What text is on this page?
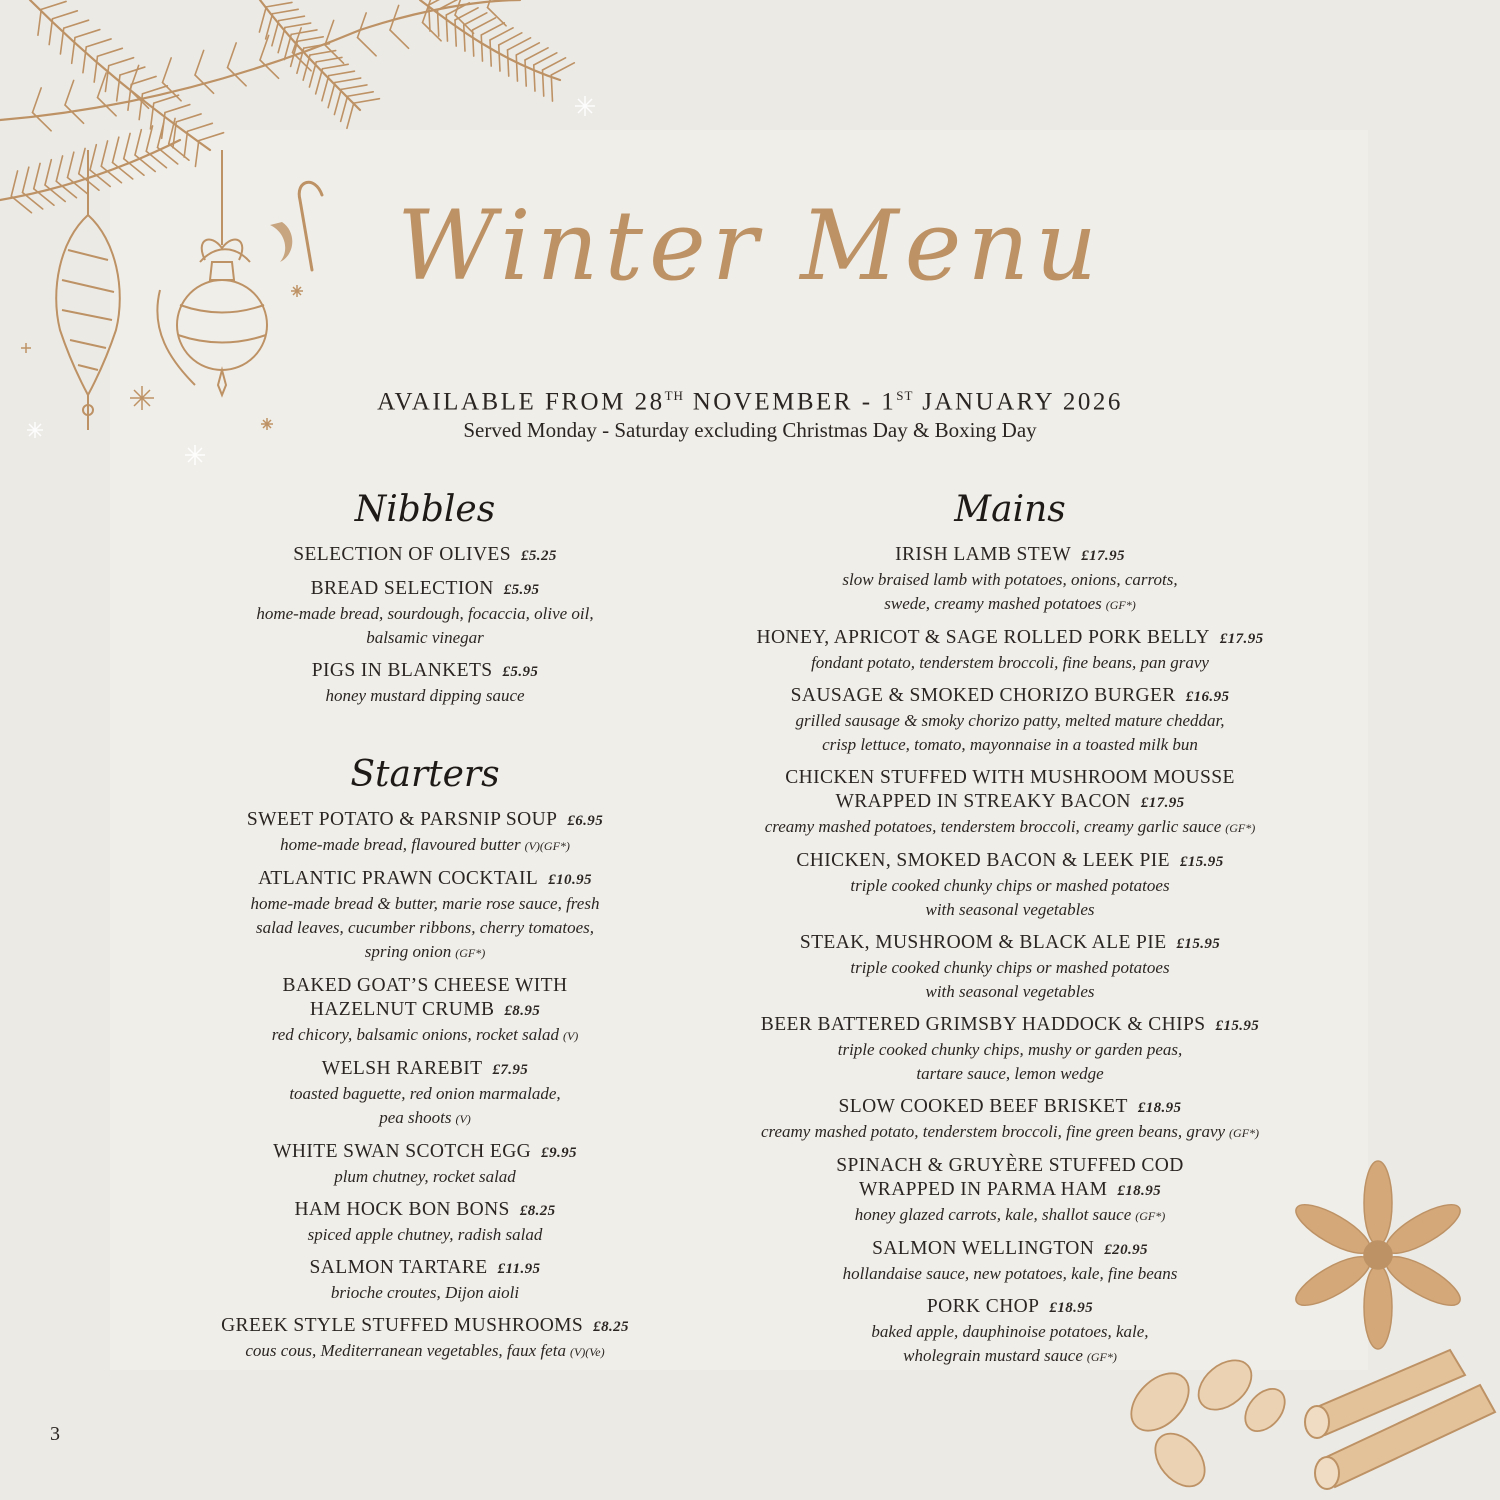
Winter Menu
AVAILABLE FROM 28TH NOVEMBER - 1ST JANUARY 2026
Served Monday - Saturday excluding Christmas Day & Boxing Day
Nibbles
SELECTION OF OLIVES £5.25
BREAD SELECTION £5.95
home-made bread, sourdough, focaccia, olive oil,
balsamic vinegar
PIGS IN BLANKETS £5.95
honey mustard dipping sauce
Starters
SWEET POTATO & PARSNIP SOUP £6.95
home-made bread, flavoured butter (V)(GF*)
ATLANTIC PRAWN COCKTAIL £10.95
home-made bread & butter, marie rose sauce, fresh
salad leaves, cucumber ribbons, cherry tomatoes,
spring onion (GF*)
BAKED GOAT’S CHEESE WITH
HAZELNUT CRUMB £8.95
red chicory, balsamic onions, rocket salad (V)
WELSH RAREBIT £7.95
toasted baguette, red onion marmalade,
pea shoots (V)
WHITE SWAN SCOTCH EGG £9.95
plum chutney, rocket salad
HAM HOCK BON BONS £8.25
spiced apple chutney, radish salad
SALMON TARTARE £11.95
brioche croutes, Dijon aioli
GREEK STYLE STUFFED MUSHROOMS £8.25
cous cous, Mediterranean vegetables, faux feta (V)(Ve)
Mains
IRISH LAMB STEW £17.95
slow braised lamb with potatoes, onions, carrots,
swede, creamy mashed potatoes (GF*)
HONEY, APRICOT & SAGE ROLLED PORK BELLY £17.95
fondant potato, tenderstem broccoli, fine beans, pan gravy
SAUSAGE & SMOKED CHORIZO BURGER £16.95
grilled sausage & smoky chorizo patty, melted mature cheddar,
crisp lettuce, tomato, mayonnaise in a toasted milk bun
CHICKEN STUFFED WITH MUSHROOM MOUSSE
WRAPPED IN STREAKY BACON £17.95
creamy mashed potatoes, tenderstem broccoli, creamy garlic sauce (GF*)
CHICKEN, SMOKED BACON & LEEK PIE £15.95
triple cooked chunky chips or mashed potatoes
with seasonal vegetables
STEAK, MUSHROOM & BLACK ALE PIE £15.95
triple cooked chunky chips or mashed potatoes
with seasonal vegetables
BEER BATTERED GRIMSBY HADDOCK & CHIPS £15.95
triple cooked chunky chips, mushy or garden peas,
tartare sauce, lemon wedge
SLOW COOKED BEEF BRISKET £18.95
creamy mashed potato, tenderstem broccoli, fine green beans, gravy (GF*)
SPINACH & GRUYÈRE STUFFED COD
WRAPPED IN PARMA HAM £18.95
honey glazed carrots, kale, shallot sauce (GF*)
SALMON WELLINGTON £20.95
hollandaise sauce, new potatoes, kale, fine beans
PORK CHOP £18.95
baked apple, dauphinoise potatoes, kale,
wholegrain mustard sauce (GF*)
3
